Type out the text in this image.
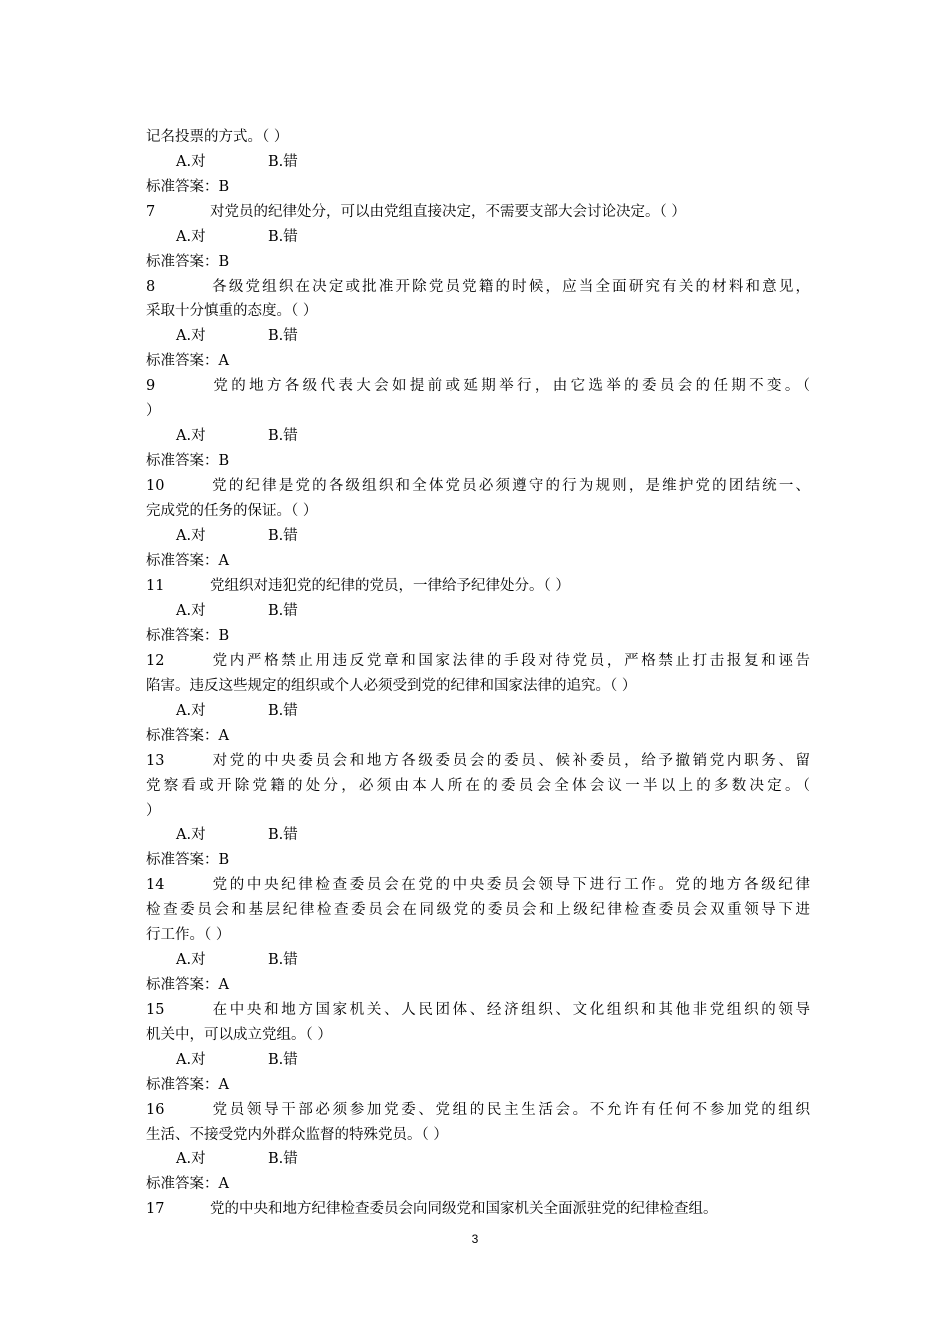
记名投票的方式。（ ）
A.对	B.错
标准答案：B
7	对党员的纪律处分，可以由党组直接决定，不需要支部大会讨论决定。（ ）
A.对	B.错
标准答案：B
8	各级党组织在决定或批准开除党员党籍的时候，应当全面研究有关的材料和意见，
采取十分慎重的态度。（ ）
A.对	B.错
标准答案：A
9	党的地方各级代表大会如提前或延期举行，由它选举的委员会的任期不变。（
）
A.对	B.错
标准答案：B
10	党的纪律是党的各级组织和全体党员必须遵守的行为规则，是维护党的团结统一、
完成党的任务的保证。（ ）
A.对	B.错
标准答案：A
11	党组织对违犯党的纪律的党员，一律给予纪律处分。（ ）
A.对	B.错
标准答案：B
12	党内严格禁止用违反党章和国家法律的手段对待党员，严格禁止打击报复和诬告
陷害。违反这些规定的组织或个人必须受到党的纪律和国家法律的追究。（ ）
A.对	B.错
标准答案：A
13	对党的中央委员会和地方各级委员会的委员、候补委员，给予撤销党内职务、留
党察看或开除党籍的处分，必须由本人所在的委员会全体会议一半以上的多数决定。（
）
A.对	B.错
标准答案：B
14	党的中央纪律检查委员会在党的中央委员会领导下进行工作。党的地方各级纪律
检查委员会和基层纪律检查委员会在同级党的委员会和上级纪律检查委员会双重领导下进
行工作。（ ）
A.对	B.错
标准答案：A
15	在中央和地方国家机关、人民团体、经济组织、文化组织和其他非党组织的领导
机关中，可以成立党组。（ ）
A.对	B.错
标准答案：A
16	党员领导干部必须参加党委、党组的民主生活会。不允许有任何不参加党的组织
生活、不接受党内外群众监督的特殊党员。（ ）
A.对	B.错
标准答案：A
17	党的中央和地方纪律检查委员会向同级党和国家机关全面派驻党的纪律检查组。
3
